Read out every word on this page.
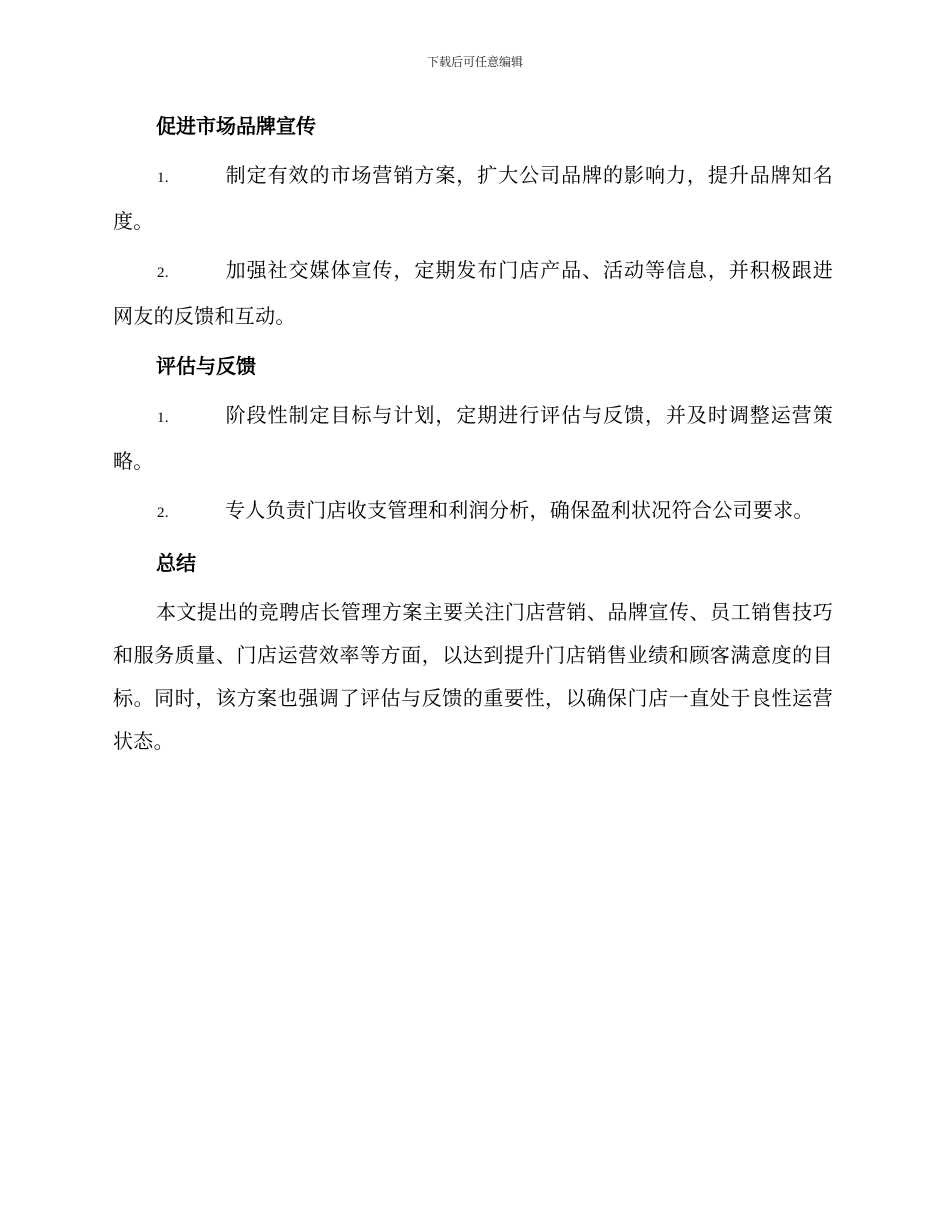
下载后可任意编辑
促进市场品牌宣传

1.	制定有效的市场营销方案，扩大公司品牌的影响力，提升品牌知名度。

2.	加强社交媒体宣传，定期发布门店产品、活动等信息，并积极跟进网友的反馈和互动。

评估与反馈

1.	阶段性制定目标与计划，定期进行评估与反馈，并及时调整运营策略。

2.	专人负责门店收支管理和利润分析，确保盈利状况符合公司要求。

总结

本文提出的竞聘店长管理方案主要关注门店营销、品牌宣传、员工销售技巧和服务质量、门店运营效率等方面，以达到提升门店销售业绩和顾客满意度的目标。同时，该方案也强调了评估与反馈的重要性，以确保门店一直处于良性运营状态。
